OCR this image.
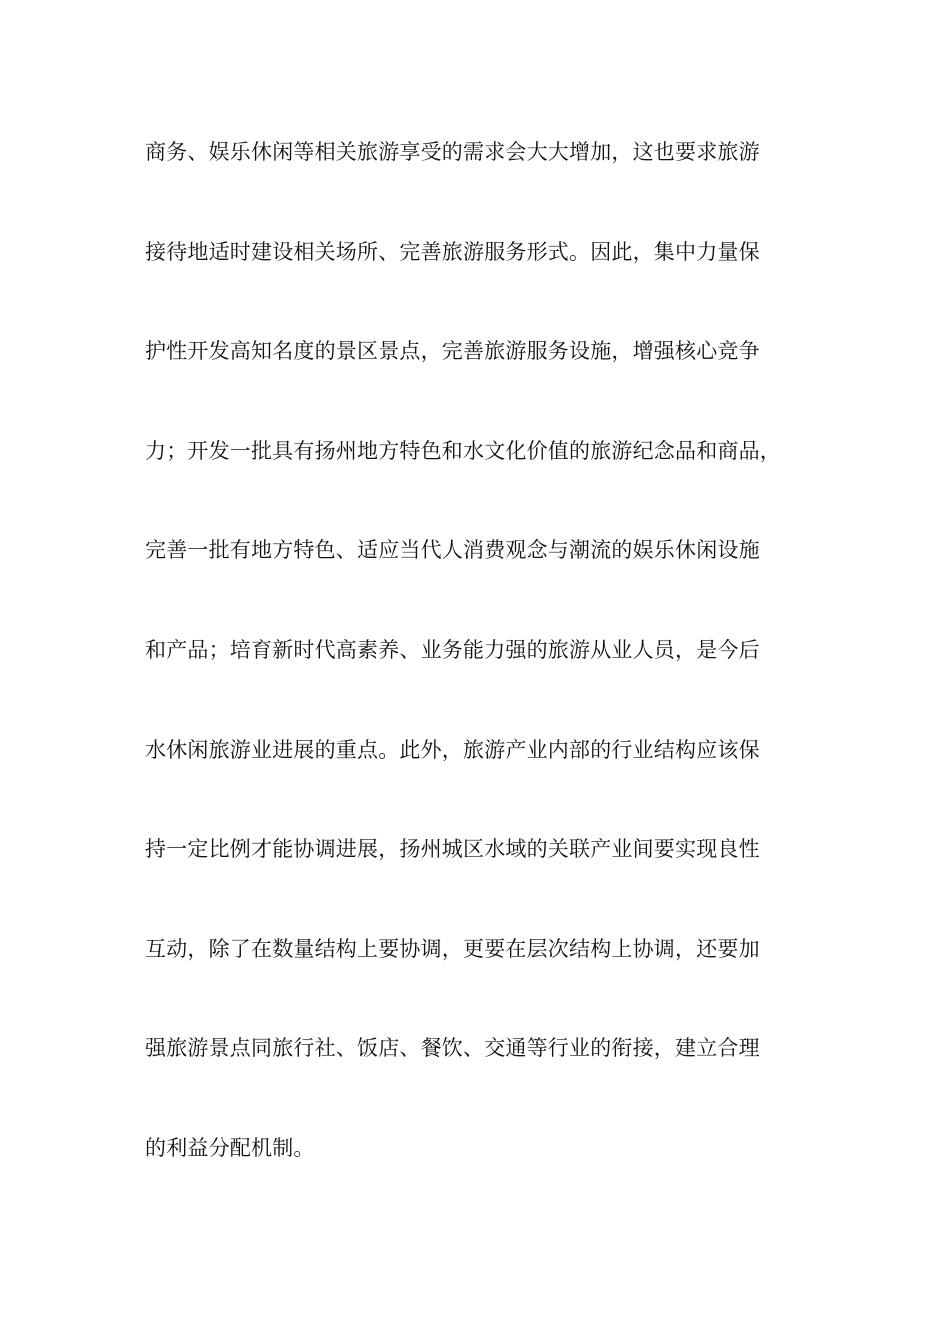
商务、娱乐休闲等相关旅游享受的需求会大大增加，这也要求旅游
接待地适时建设相关场所、完善旅游服务形式。因此，集中力量保
护性开发高知名度的景区景点，完善旅游服务设施，增强核心竞争
力；开发一批具有扬州地方特色和水文化价值的旅游纪念品和商品，
完善一批有地方特色、适应当代人消费观念与潮流的娱乐休闲设施
和产品；培育新时代高素养、业务能力强的旅游从业人员，是今后
水休闲旅游业进展的重点。此外，旅游产业内部的行业结构应该保
持一定比例才能协调进展，扬州城区水域的关联产业间要实现良性
互动，除了在数量结构上要协调，更要在层次结构上协调，还要加
强旅游景点同旅行社、饭店、餐饮、交通等行业的衔接，建立合理
的利益分配机制。
